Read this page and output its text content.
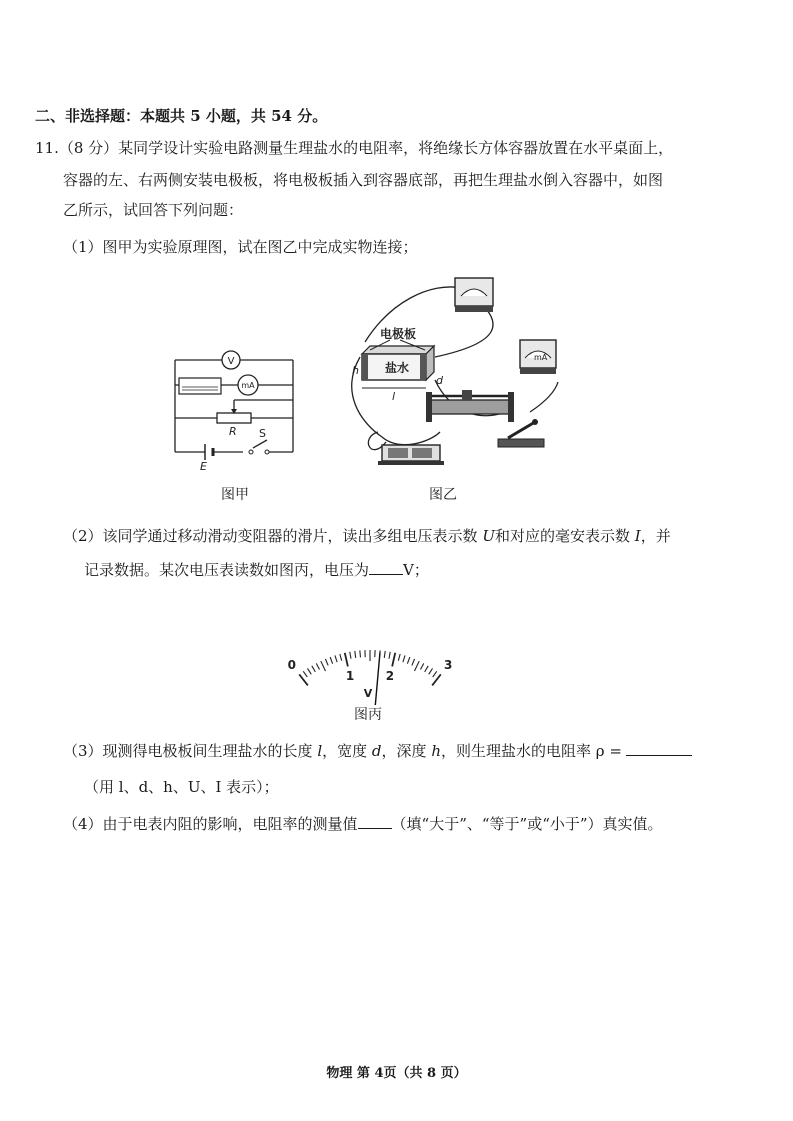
二、非选择题：本题共 5 小题，共 54 分。
11.（8 分）某同学设计实验电路测量生理盐水的电阻率，将绝缘长方体容器放置在水平桌面上，
容器的左、右两侧安装电极板，将电极板插入到容器底部，再把生理盐水倒入容器中，如图
乙所示，试回答下列问题：
（1）图甲为实验原理图，试在图乙中完成实物连接；
V
mA
R S
E
图甲
mA
电极板
盐水
h
d
l
图乙
（2）该同学通过移动滑动变阻器的滑片，读出多组电压表示数 U和对应的毫安表示数 I，并
记录数据。某次电压表读数如图丙，电压为 V；
0
1	2
3
V
图丙
（3）现测得电极板间生理盐水的长度 l，宽度 d，深度 h，则生理盐水的电阻率 ρ =
（用 l、d、h、U、I 表示）；
（4）由于电表内阻的影响，电阻率的测量值 （填“大于”、“等于”或“小于”）真实值。
物理 第 4页（共 8 页）
